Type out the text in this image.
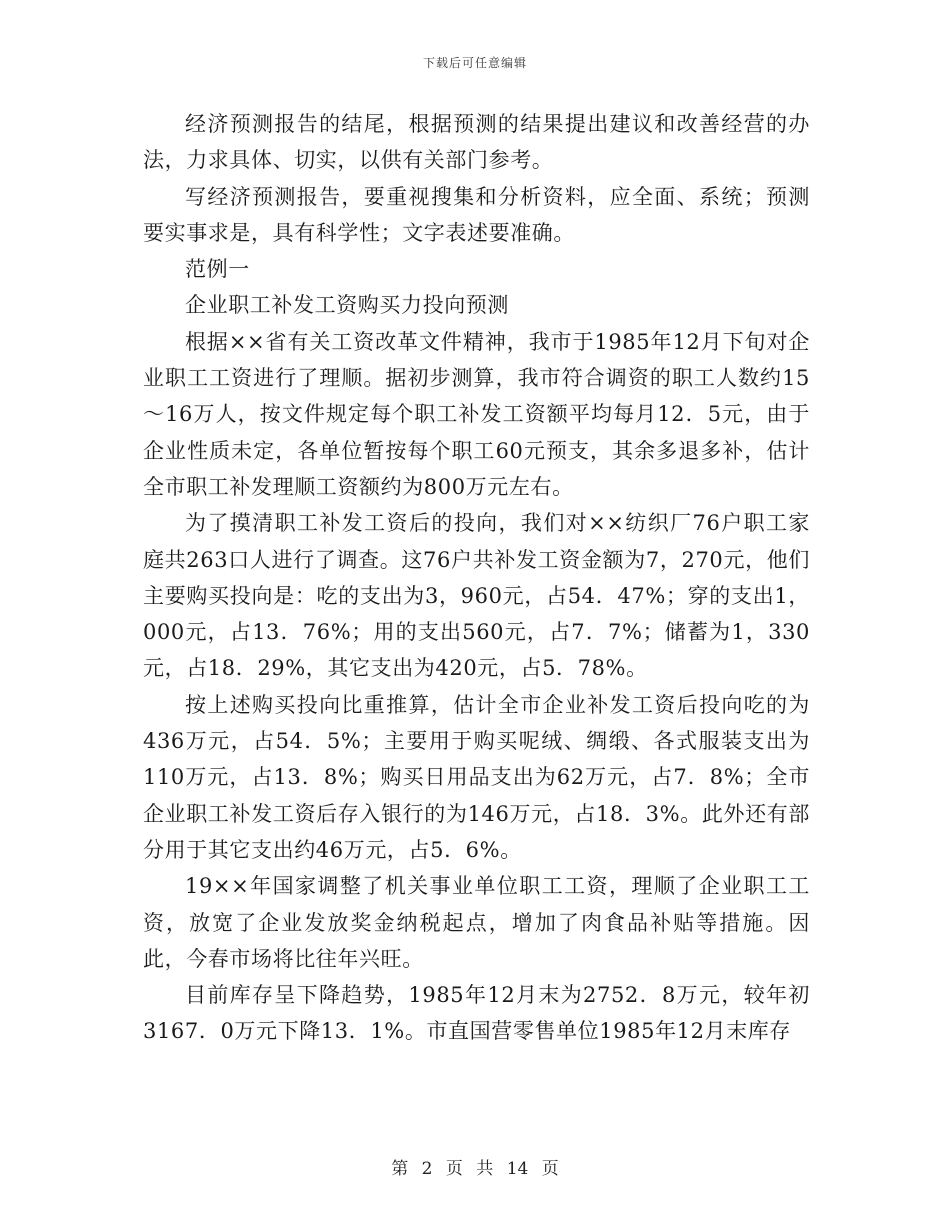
下载后可任意编辑

经济预测报告的结尾，根据预测的结果提出建议和改善经营的办法，力求具体、切实，以供有关部门参考。

写经济预测报告，要重视搜集和分析资料，应全面、系统；预测要实事求是，具有科学性；文字表述要准确。

范例一

企业职工补发工资购买力投向预测

根据××省有关工资改革文件精神，我市于1985年12月下旬对企业职工工资进行了理顺。据初步测算，我市符合调资的职工人数约15～16万人，按文件规定每个职工补发工资额平均每月12．5元，由于企业性质未定，各单位暂按每个职工60元预支，其余多退多补，估计全市职工补发理顺工资额约为800万元左右。

为了摸清职工补发工资后的投向，我们对××纺织厂76户职工家庭共263口人进行了调查。这76户共补发工资金额为7，270元，他们主要购买投向是：吃的支出为3，960元，占54．47%；穿的支出1，000元，占13．76%；用的支出560元，占7．7%；储蓄为1，330元，占18．29%，其它支出为420元，占5．78%。

按上述购买投向比重推算，估计全市企业补发工资后投向吃的为436万元，占54．5%；主要用于购买呢绒、绸缎、各式服装支出为110万元，占13．8%；购买日用品支出为62万元，占7．8%；全市企业职工补发工资后存入银行的为146万元，占18．3%。此外还有部分用于其它支出约46万元，占5．6%。

19××年国家调整了机关事业单位职工工资，理顺了企业职工工资，放宽了企业发放奖金纳税起点，增加了肉食品补贴等措施。因此，今春市场将比往年兴旺。

目前库存呈下降趋势，1985年12月末为2752．8万元，较年初3167．0万元下降13．1%。市直国营零售单位1985年12月末库存

第 2 页 共 14 页
